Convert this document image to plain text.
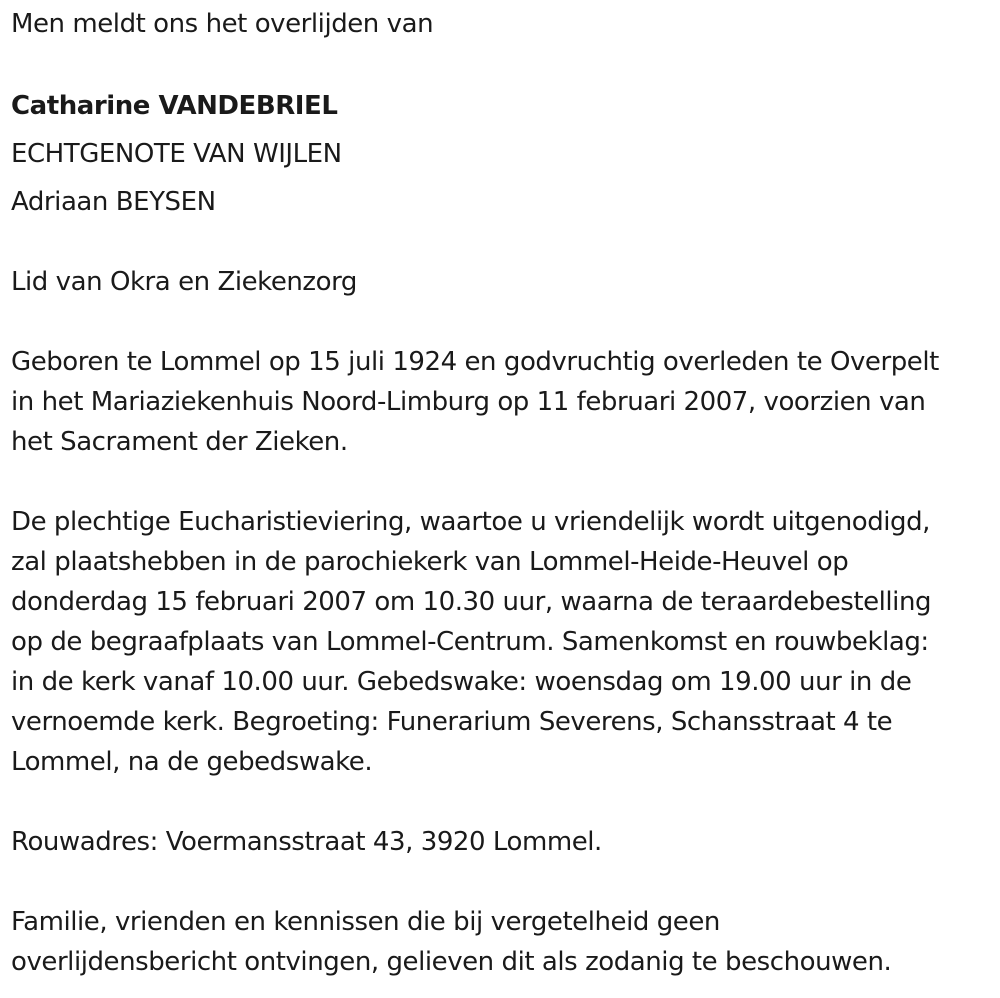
Men meldt ons het overlijden van
Catharine VANDEBRIEL
ECHTGENOTE VAN WIJLEN
Adriaan BEYSEN
Lid van Okra en Ziekenzorg
Geboren te Lommel op 15 juli 1924 en godvruchtig overleden te Overpelt
in het Mariaziekenhuis Noord-Limburg op 11 februari 2007, voorzien van
het Sacrament der Zieken.
De plechtige Eucharistieviering, waartoe u vriendelijk wordt uitgenodigd,
zal plaatshebben in de parochiekerk van Lommel-Heide-Heuvel op
donderdag 15 februari 2007 om 10.30 uur, waarna de teraardebestelling
op de begraafplaats van Lommel-Centrum. Samenkomst en rouwbeklag:
in de kerk vanaf 10.00 uur. Gebedswake: woensdag om 19.00 uur in de
vernoemde kerk. Begroeting: Funerarium Severens, Schansstraat 4 te
Lommel, na de gebedswake.
Rouwadres: Voermansstraat 43, 3920 Lommel.
Familie, vrienden en kennissen die bij vergetelheid geen
overlijdensbericht ontvingen, gelieven dit als zodanig te beschouwen.
